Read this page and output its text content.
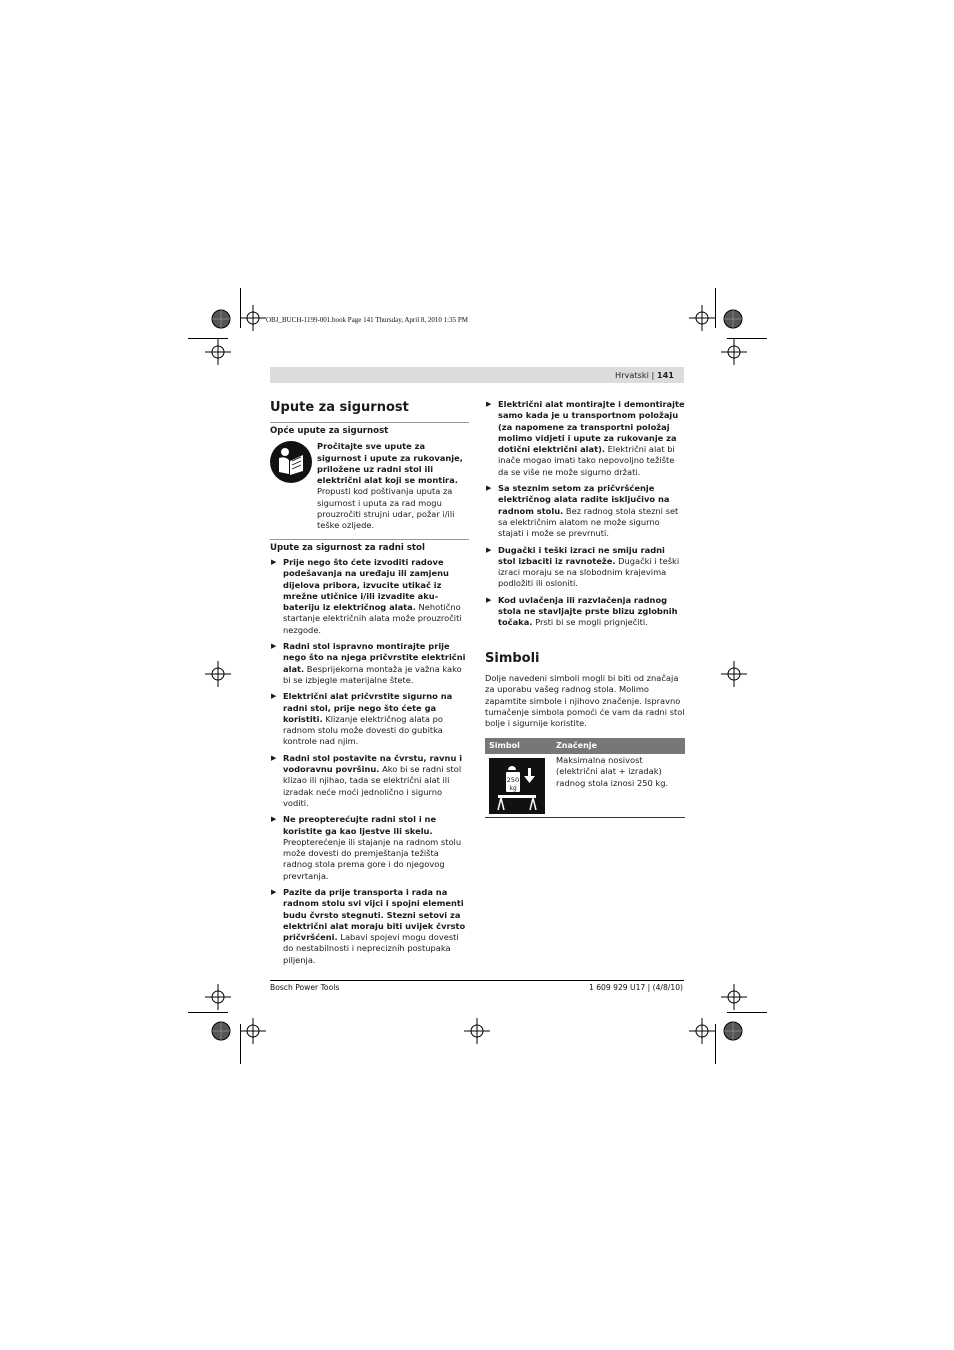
OBJ_BUCH-1199-001.book Page 141 Thursday, April 8, 2010 1:35 PM
Hrvatski | 141
Upute za sigurnost
Opće upute za sigurnost

Pročitajte sve upute za sigurnost i upute za rukovanje, priložene uz radni stol ili električni alat koji se montira. Propusti kod poštivanja uputa za sigurnost i uputa za rad mogu prouzročiti strujni udar, požar i/ili teške ozljede.

Upute za sigurnost za radni stol
▶ Prije nego što ćete izvoditi radove podešavanja na uređaju ili zamjenu dijelova pribora, izvucite utikač iz mrežne utičnice i/ili izvadite aku-bateriju iz električnog alata. Nehotično startanje električnih alata može prouzročiti nezgode.
▶ Radni stol ispravno montirajte prije nego što na njega pričvrstite električni alat. Besprijekorna montaža je važna kako bi se izbjegle materijalne štete.
▶ Električni alat pričvrstite sigurno na radni stol, prije nego što ćete ga koristiti. Klizanje električnog alata po radnom stolu može dovesti do gubitka kontrole nad njim.
▶ Radni stol postavite na čvrstu, ravnu i vodoravnu površinu. Ako bi se radni stol klizao ili njihao, tada se električni alat ili izradak neće moći jednolično i sigurno voditi.
▶ Ne preopterećujte radni stol i ne koristite ga kao ljestve ili skelu. Preopterećenje ili stajanje na radnom stolu može dovesti do premještanja težišta radnog stola prema gore i do njegovog prevrtanja.
▶ Pazite da prije transporta i rada na radnom stolu svi vijci i spojni elementi budu čvrsto stegnuti. Stezni setovi za električni alat moraju biti uvijek čvrsto pričvršćeni. Labavi spojevi mogu dovesti do nestabilnosti i neprecizníh postupaka piljenja.
▶ Električni alat montirajte i demontirajte samo kada je u transportnom položaju (za napomene za transportni položaj molimo vidjeti i upute za rukovanje za dotični električni alat). Električni alat bi inače mogao imati tako nepovoljno težište da se više ne može sigurno držati.
▶ Sa steznim setom za pričvršćenje električnog alata radite isključivo na radnom stolu. Bez radnog stola stezni set sa električnim alatom ne može sigurno stajati i može se prevrnuti.
▶ Dugački i teški izraci ne smiju radni stol izbaciti iz ravnoteže. Dugački i teški izraci moraju se na slobodnim krajevima podložiti ili osloniti.
▶ Kod uvlačenja ili razvlačenja radnog stola ne stavljajte prste blizu zglobnih točaka. Prsti bi se mogli prignječiti.
Simboli

Dolje navedeni simboli mogli bi biti od značaja za uporabu vašeg radnog stola. Molimo zapamtite simbole i njihovo značenje. Ispravno tumačenje simbola pomoći će vam da radni stol bolje i sigurnije koristite.

Simbol	Značenje
250
kg

Maksimalna nosivost (električni alat + izradak) radnog stola iznosi 250 kg.

Bosch Power Tools	1 609 929 U17 | (4/8/10)
